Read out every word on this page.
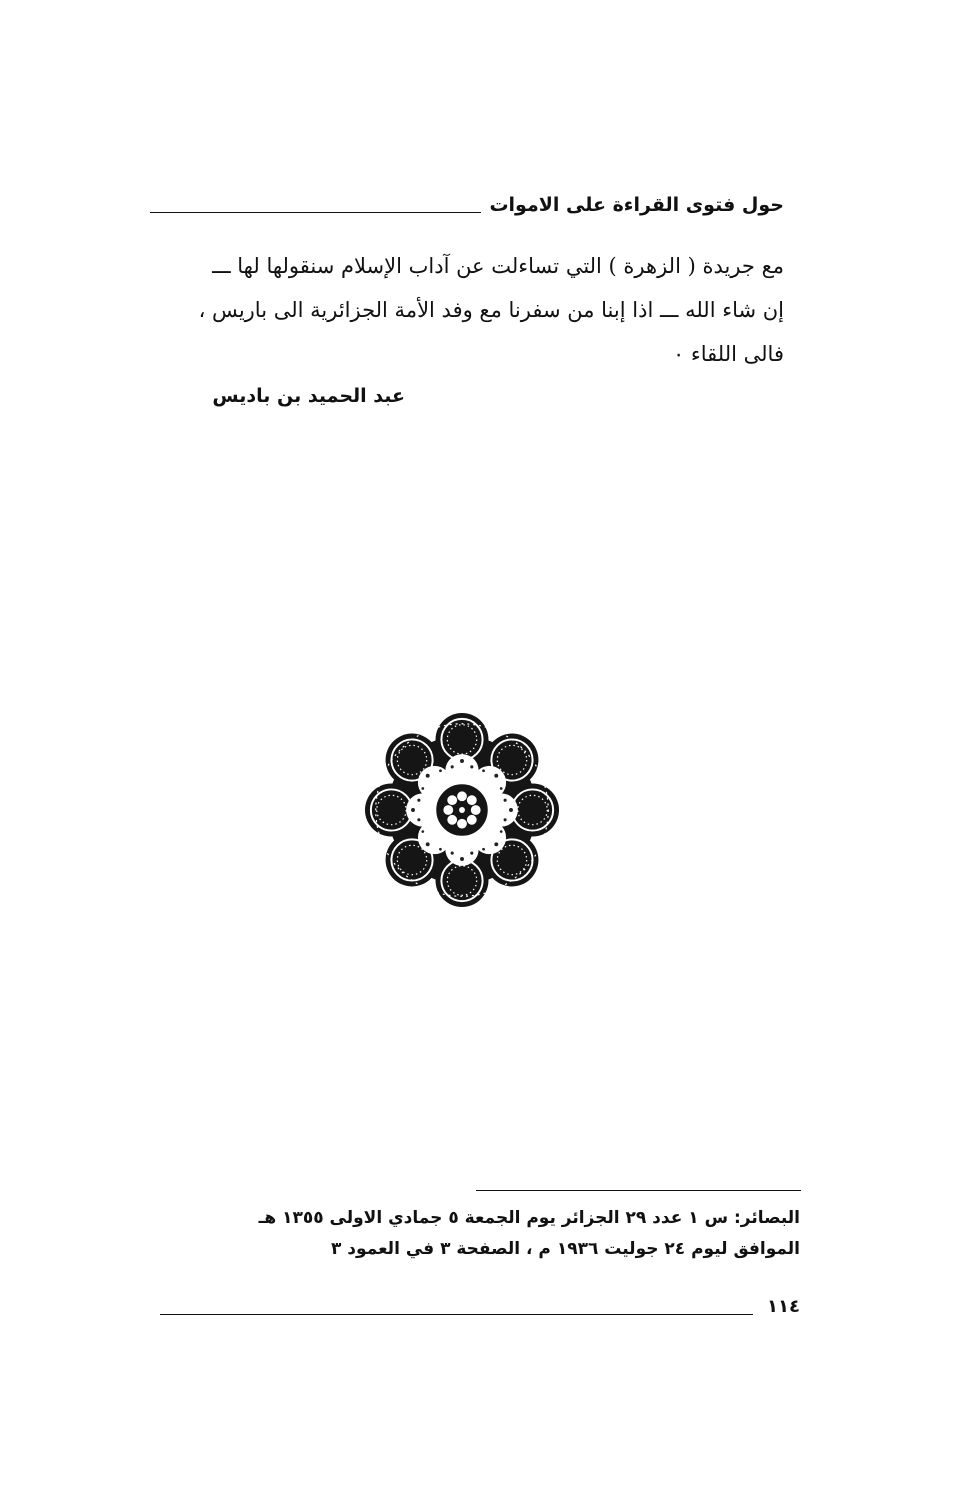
حول فتوى القراءة على الاموات
مع جريدة ( الزهرة ) التي تساءلت عن آداب الإسلام سنقولها لها ـــ
إن شاء الله ـــ اذا إبنا من سفرنا مع وفد الأمة الجزائرية الى باريس ،
فالى اللقاء ٠
عبد الحميد بن باديس
البصائر: س ١ عدد ٢٩ الجزائر يوم الجمعة ٥ جمادي الاولى ١٣٥٥ هـ
الموافق ليوم ٢٤ جوليت ١٩٣٦ م ، الصفحة ٣ في العمود ٣
١١٤
